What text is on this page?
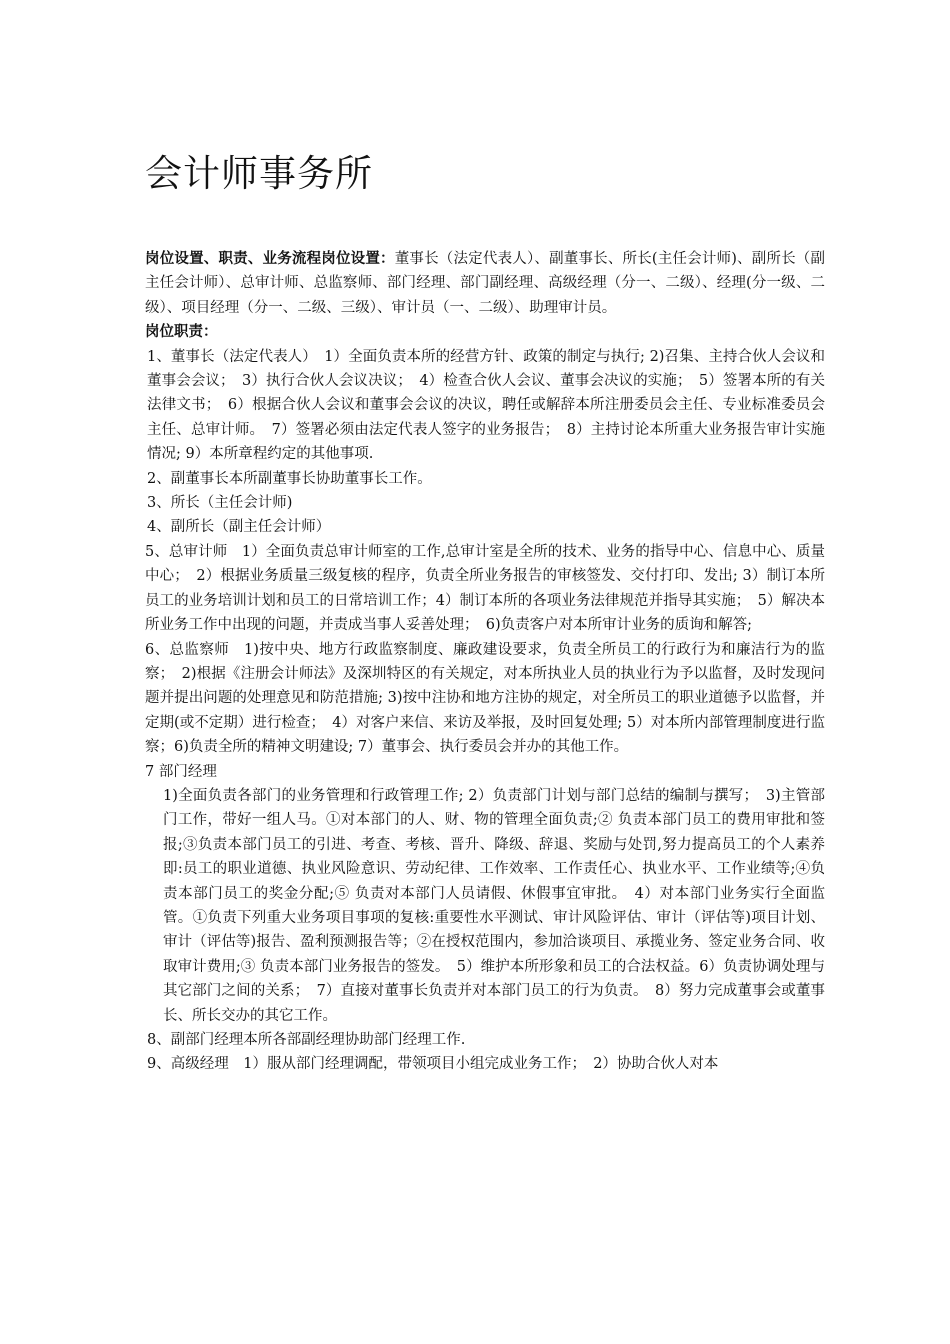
会计师事务所

岗位设置、职责、业务流程岗位设置：董事长（法定代表人）、副董事长、所长(主任会计师)、副所长（副主任会计师）、总审计师、总监察师、部门经理、部门副经理、高级经理（分一、二级）、经理(分一级、二级）、项目经理（分一、二级、三级）、审计员（一、二级）、助理审计员。

岗位职责：

1、董事长（法定代表人）　1）全面负责本所的经营方针、政策的制定与执行; 2)召集、主持合伙人会议和董事会会议；　3）执行合伙人会议决议；　4）检查合伙人会议、董事会决议的实施；　5）签署本所的有关法律文书；　6）根据合伙人会议和董事会会议的决议，聘任或解辞本所注册委员会主任、专业标准委员会主任、总审计师。　7）签署必须由法定代表人签字的业务报告；　8）主持讨论本所重大业务报告审计实施情况; 9）本所章程约定的其他事项.

2、副董事长本所副董事长协助董事长工作。

3、所长（主任会计师)

4、副所长（副主任会计师）

5、总审计师　1）全面负责总审计师室的工作,总审计室是全所的技术、业务的指导中心、信息中心、质量中心；　2）根据业务质量三级复核的程序，负责全所业务报告的审核签发、交付打印、发出; 3）制订本所员工的业务培训计划和员工的日常培训工作；4）制订本所的各项业务法律规范并指导其实施；　5）解决本所业务工作中出现的问题，并责成当事人妥善处理；　6)负责客户对本所审计业务的质询和解答;

6、总监察师　1)按中央、地方行政监察制度、廉政建设要求，负责全所员工的行政行为和廉洁行为的监察；　2)根据《注册会计师法》及深圳特区的有关规定，对本所执业人员的执业行为予以监督，及时发现问题并提出问题的处理意见和防范措施; 3)按中注协和地方注协的规定，对全所员工的职业道德予以监督，并定期(或不定期）进行检查；　4）对客户来信、来访及举报，及时回复处理; 5）对本所内部管理制度进行监察；6)负责全所的精神文明建设; 7）董事会、执行委员会并办的其他工作。

7 部门经理

1)全面负责各部门的业务管理和行政管理工作; 2）负责部门计划与部门总结的编制与撰写；　3)主管部门工作，带好一组人马。①对本部门的人、财、物的管理全面负责;② 负责本部门员工的费用审批和签报;③负责本部门员工的引进、考查、考核、晋升、降级、辞退、奖励与处罚,努力提高员工的个人素养即:员工的职业道德、执业风险意识、劳动纪律、工作效率、工作责任心、执业水平、工作业绩等;④负责本部门员工的奖金分配;⑤ 负责对本部门人员请假、休假事宜审批。　4）对本部门业务实行全面监管。①负责下列重大业务项目事项的复核:重要性水平测试、审计风险评估、审计（评估等)项目计划、审计（评估等)报告、盈利预测报告等；②在授权范围内，参加洽谈项目、承揽业务、签定业务合同、收取审计费用;③ 负责本部门业务报告的签发。　5）维护本所形象和员工的合法权益。6）负责协调处理与其它部门之间的关系；　7）直接对董事长负责并对本部门员工的行为负责。　8）努力完成董事会或董事长、所长交办的其它工作。

8、副部门经理本所各部副经理协助部门经理工作.

9、高级经理　1）服从部门经理调配，带领项目小组完成业务工作；　2）协助合伙人对本
